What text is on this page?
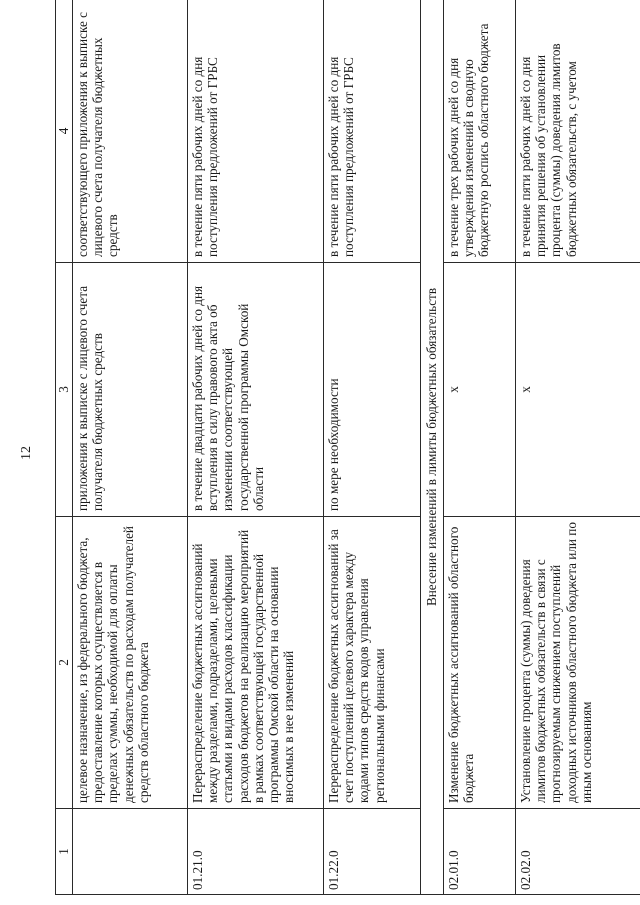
12
1	2	3	4
	целевое назначение, из федерального бюджета, предоставление которых осуществляется в пределах суммы, необходимой для оплаты денежных обязательств по расходам получателей средств областного бюджета	приложения к выписке с лицевого счета получателя бюджетных средств	соответствующего приложения к выписке с лицевого счета получателя бюджетных средств
01.21.0	Перераспределение бюджетных ассигнований между разделами, подразделами, целевыми статьями и видами расходов классификации расходов бюджетов на реализацию мероприятий в рамках соответствующей государственной программы Омской области на основании вносимых в нее изменений	в течение двадцати рабочих дней со дня вступления в силу правового акта об изменении соответствующей государственной программы Омской области	в течение пяти рабочих дней со дня поступления предложений от ГРБС
01.22.0	Перераспределение бюджетных ассигнований за счет поступлений целевого характера между кодами типов средств кодов управления региональными финансами	по мере необходимости	в течение пяти рабочих дней со дня поступления предложений от ГРБС
Внесение изменений в лимиты бюджетных обязательств			
02.01.0	Изменение бюджетных ассигнований областного бюджета	x	в течение трех рабочих дней со дня утверждения изменений в сводную бюджетную роспись областного бюджета
02.02.0	Установление процента (суммы) доведения лимитов бюджетных обязательств в связи с прогнозируемым снижением поступлений доходных источников областного бюджета или по иным основаниям	x	в течение пяти рабочих дней со дня принятия решения об установлении процента (суммы) доведения лимитов бюджетных обязательств, с учетом
